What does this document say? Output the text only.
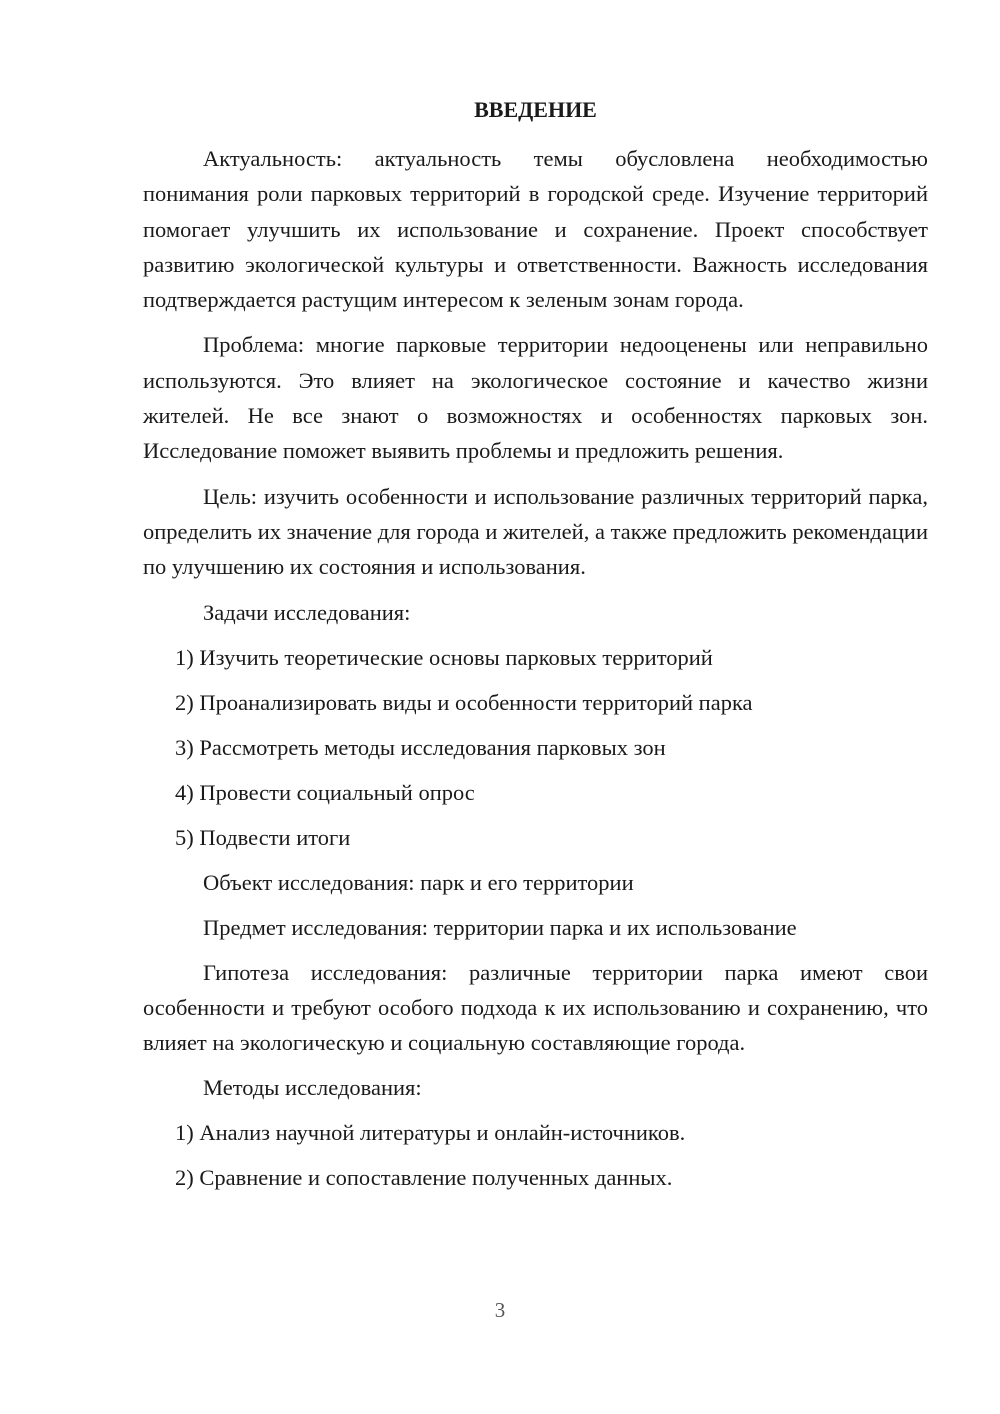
ВВЕДЕНИЕ

Актуальность: актуальность темы обусловлена необходимостью понимания роли парковых территорий в городской среде. Изучение территорий помогает улучшить их использование и сохранение. Проект способствует развитию экологической культуры и ответственности. Важность исследования подтверждается растущим интересом к зеленым зонам города.

Проблема: многие парковые территории недооценены или неправильно используются. Это влияет на экологическое состояние и качество жизни жителей. Не все знают о возможностях и особенностях парковых зон. Исследование поможет выявить проблемы и предложить решения.

Цель: изучить особенности и использование различных территорий парка, определить их значение для города и жителей, а также предложить рекомендации по улучшению их состояния и использования.

Задачи исследования:

1) Изучить теоретические основы парковых территорий

2) Проанализировать виды и особенности территорий парка

3) Рассмотреть методы исследования парковых зон

4) Провести социальный опрос

5) Подвести итоги

Объект исследования: парк и его территории

Предмет исследования: территории парка и их использование

Гипотеза исследования: различные территории парка имеют свои особенности и требуют особого подхода к их использованию и сохранению, что влияет на экологическую и социальную составляющие города.

Методы исследования:

1) Анализ научной литературы и онлайн-источников.

2) Сравнение и сопоставление полученных данных.

3
